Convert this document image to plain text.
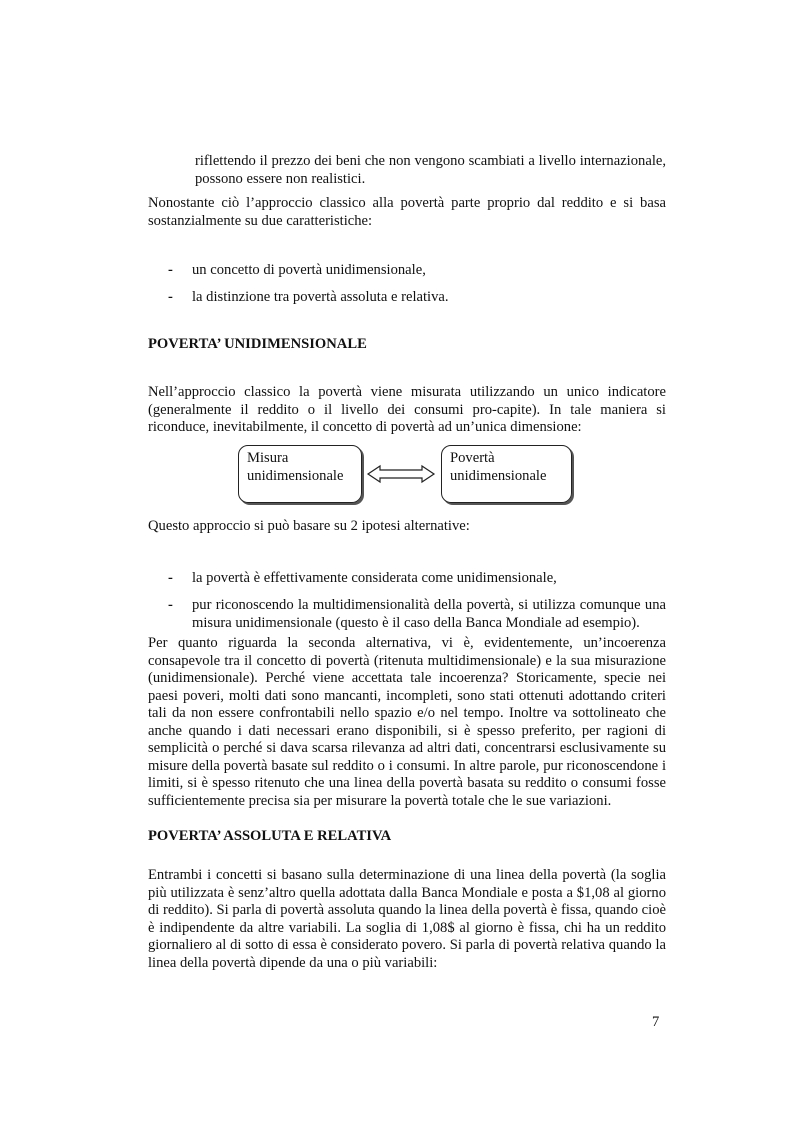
riflettendo il prezzo dei beni che non vengono scambiati a livello internazionale, possono essere non realistici.

Nonostante ciò l’approccio classico alla povertà parte proprio dal reddito e si basa sostanzialmente su due caratteristiche:

- un concetto di povertà unidimensionale,
- la distinzione tra povertà assoluta e relativa.
POVERTA’ UNIDIMENSIONALE

Nell’approccio classico la povertà viene misurata utilizzando un unico indicatore (generalmente il reddito o il livello dei consumi pro-capite). In tale maniera si riconduce, inevitabilmente, il concetto di povertà ad un’unica dimensione:

Misura unidimensionale
Povertà unidimensionale

Questo approccio si può basare su 2 ipotesi alternative:

- la povertà è effettivamente considerata come unidimensionale,
- pur riconoscendo la multidimensionalità della povertà, si utilizza comunque una misura unidimensionale (questo è il caso della Banca Mondiale ad esempio).

Per quanto riguarda la seconda alternativa, vi è, evidentemente, un’incoerenza consapevole tra il concetto di povertà (ritenuta multidimensionale) e la sua misurazione (unidimensionale). Perché viene accettata tale incoerenza? Storicamente, specie nei paesi poveri, molti dati sono mancanti, incompleti, sono stati ottenuti adottando criteri tali da non essere confrontabili nello spazio e/o nel tempo. Inoltre va sottolineato che anche quando i dati necessari erano disponibili, si è spesso preferito, per ragioni di semplicità o perché si dava scarsa rilevanza ad altri dati, concentrarsi esclusivamente su misure della povertà basate sul reddito o i consumi. In altre parole, pur riconoscendone i limiti, si è spesso ritenuto che una linea della povertà basata su reddito o consumi fosse sufficientemente precisa sia per misurare la povertà totale che le sue variazioni.

POVERTA’ ASSOLUTA E RELATIVA

Entrambi i concetti si basano sulla determinazione di una linea della povertà (la soglia più utilizzata è senz’altro quella adottata dalla Banca Mondiale e posta a $1,08 al giorno di reddito). Si parla di povertà assoluta quando la linea della povertà è fissa, quando cioè è indipendente da altre variabili. La soglia di 1,08$ al giorno è fissa, chi ha un reddito giornaliero al di sotto di essa è considerato povero. Si parla di povertà relativa quando la linea della povertà dipende da una o più variabili:

7
